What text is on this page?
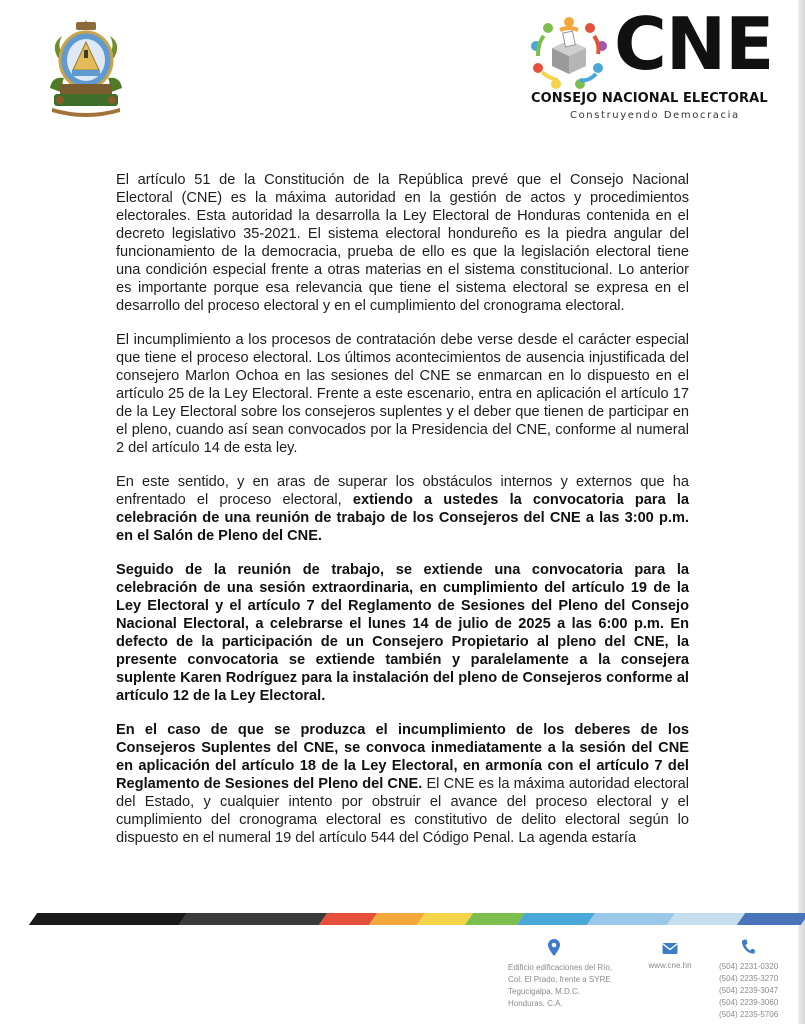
CNE
CONSEJO NACIONAL ELECTORAL
Construyendo Democracia

El artículo 51 de la Constitución de la República prevé que el Consejo Nacional Electoral (CNE) es la máxima autoridad en la gestión de actos y procedimientos electorales. Esta autoridad la desarrolla la Ley Electoral de Honduras contenida en el decreto legislativo 35-2021. El sistema electoral hondureño es la piedra angular del funcionamiento de la democracia, prueba de ello es que la legislación electoral tiene una condición especial frente a otras materias en el sistema constitucional. Lo anterior es importante porque esa relevancia que tiene el sistema electoral se expresa en el desarrollo del proceso electoral y en el cumplimiento del cronograma electoral.

El incumplimiento a los procesos de contratación debe verse desde el carácter especial que tiene el proceso electoral. Los últimos acontecimientos de ausencia injustificada del consejero Marlon Ochoa en las sesiones del CNE se enmarcan en lo dispuesto en el artículo 25 de la Ley Electoral. Frente a este escenario, entra en aplicación el artículo 17 de la Ley Electoral sobre los consejeros suplentes y el deber que tienen de participar en el pleno, cuando así sean convocados por la Presidencia del CNE, conforme al numeral 2 del artículo 14 de esta ley.

En este sentido, y en aras de superar los obstáculos internos y externos que ha enfrentado el proceso electoral, extiendo a ustedes la convocatoria para la celebración de una reunión de trabajo de los Consejeros del CNE a las 3:00 p.m. en el Salón de Pleno del CNE.

Seguido de la reunión de trabajo, se extiende una convocatoria para la celebración de una sesión extraordinaria, en cumplimiento del artículo 19 de la Ley Electoral y el artículo 7 del Reglamento de Sesiones del Pleno del Consejo Nacional Electoral, a celebrarse el lunes 14 de julio de 2025 a las 6:00 p.m. En defecto de la participación de un Consejero Propietario al pleno del CNE, la presente convocatoria se extiende también y paralelamente a la consejera suplente Karen Rodríguez para la instalación del pleno de Consejeros conforme al artículo 12 de la Ley Electoral.

En el caso de que se produzca el incumplimiento de los deberes de los Consejeros Suplentes del CNE, se convoca inmediatamente a la sesión del CNE en aplicación del artículo 18 de la Ley Electoral, en armonía con el artículo 7 del Reglamento de Sesiones del Pleno del CNE. El CNE es la máxima autoridad electoral del Estado, y cualquier intento por obstruir el avance del proceso electoral y el cumplimiento del cronograma electoral es constitutivo de delito electoral según lo dispuesto en el numeral 19 del artículo 544 del Código Penal. La agenda estaría

Edificio edificaciones del Río,
Col. El Prado, frente a SYRE
Tegucigalpa, M.D.C.
Honduras, C.A.
www.cne.hn	(504) 2231-0320
(504) 2235-3270
(504) 2239-3047
(504) 2239-3060
(504) 2235-5706
